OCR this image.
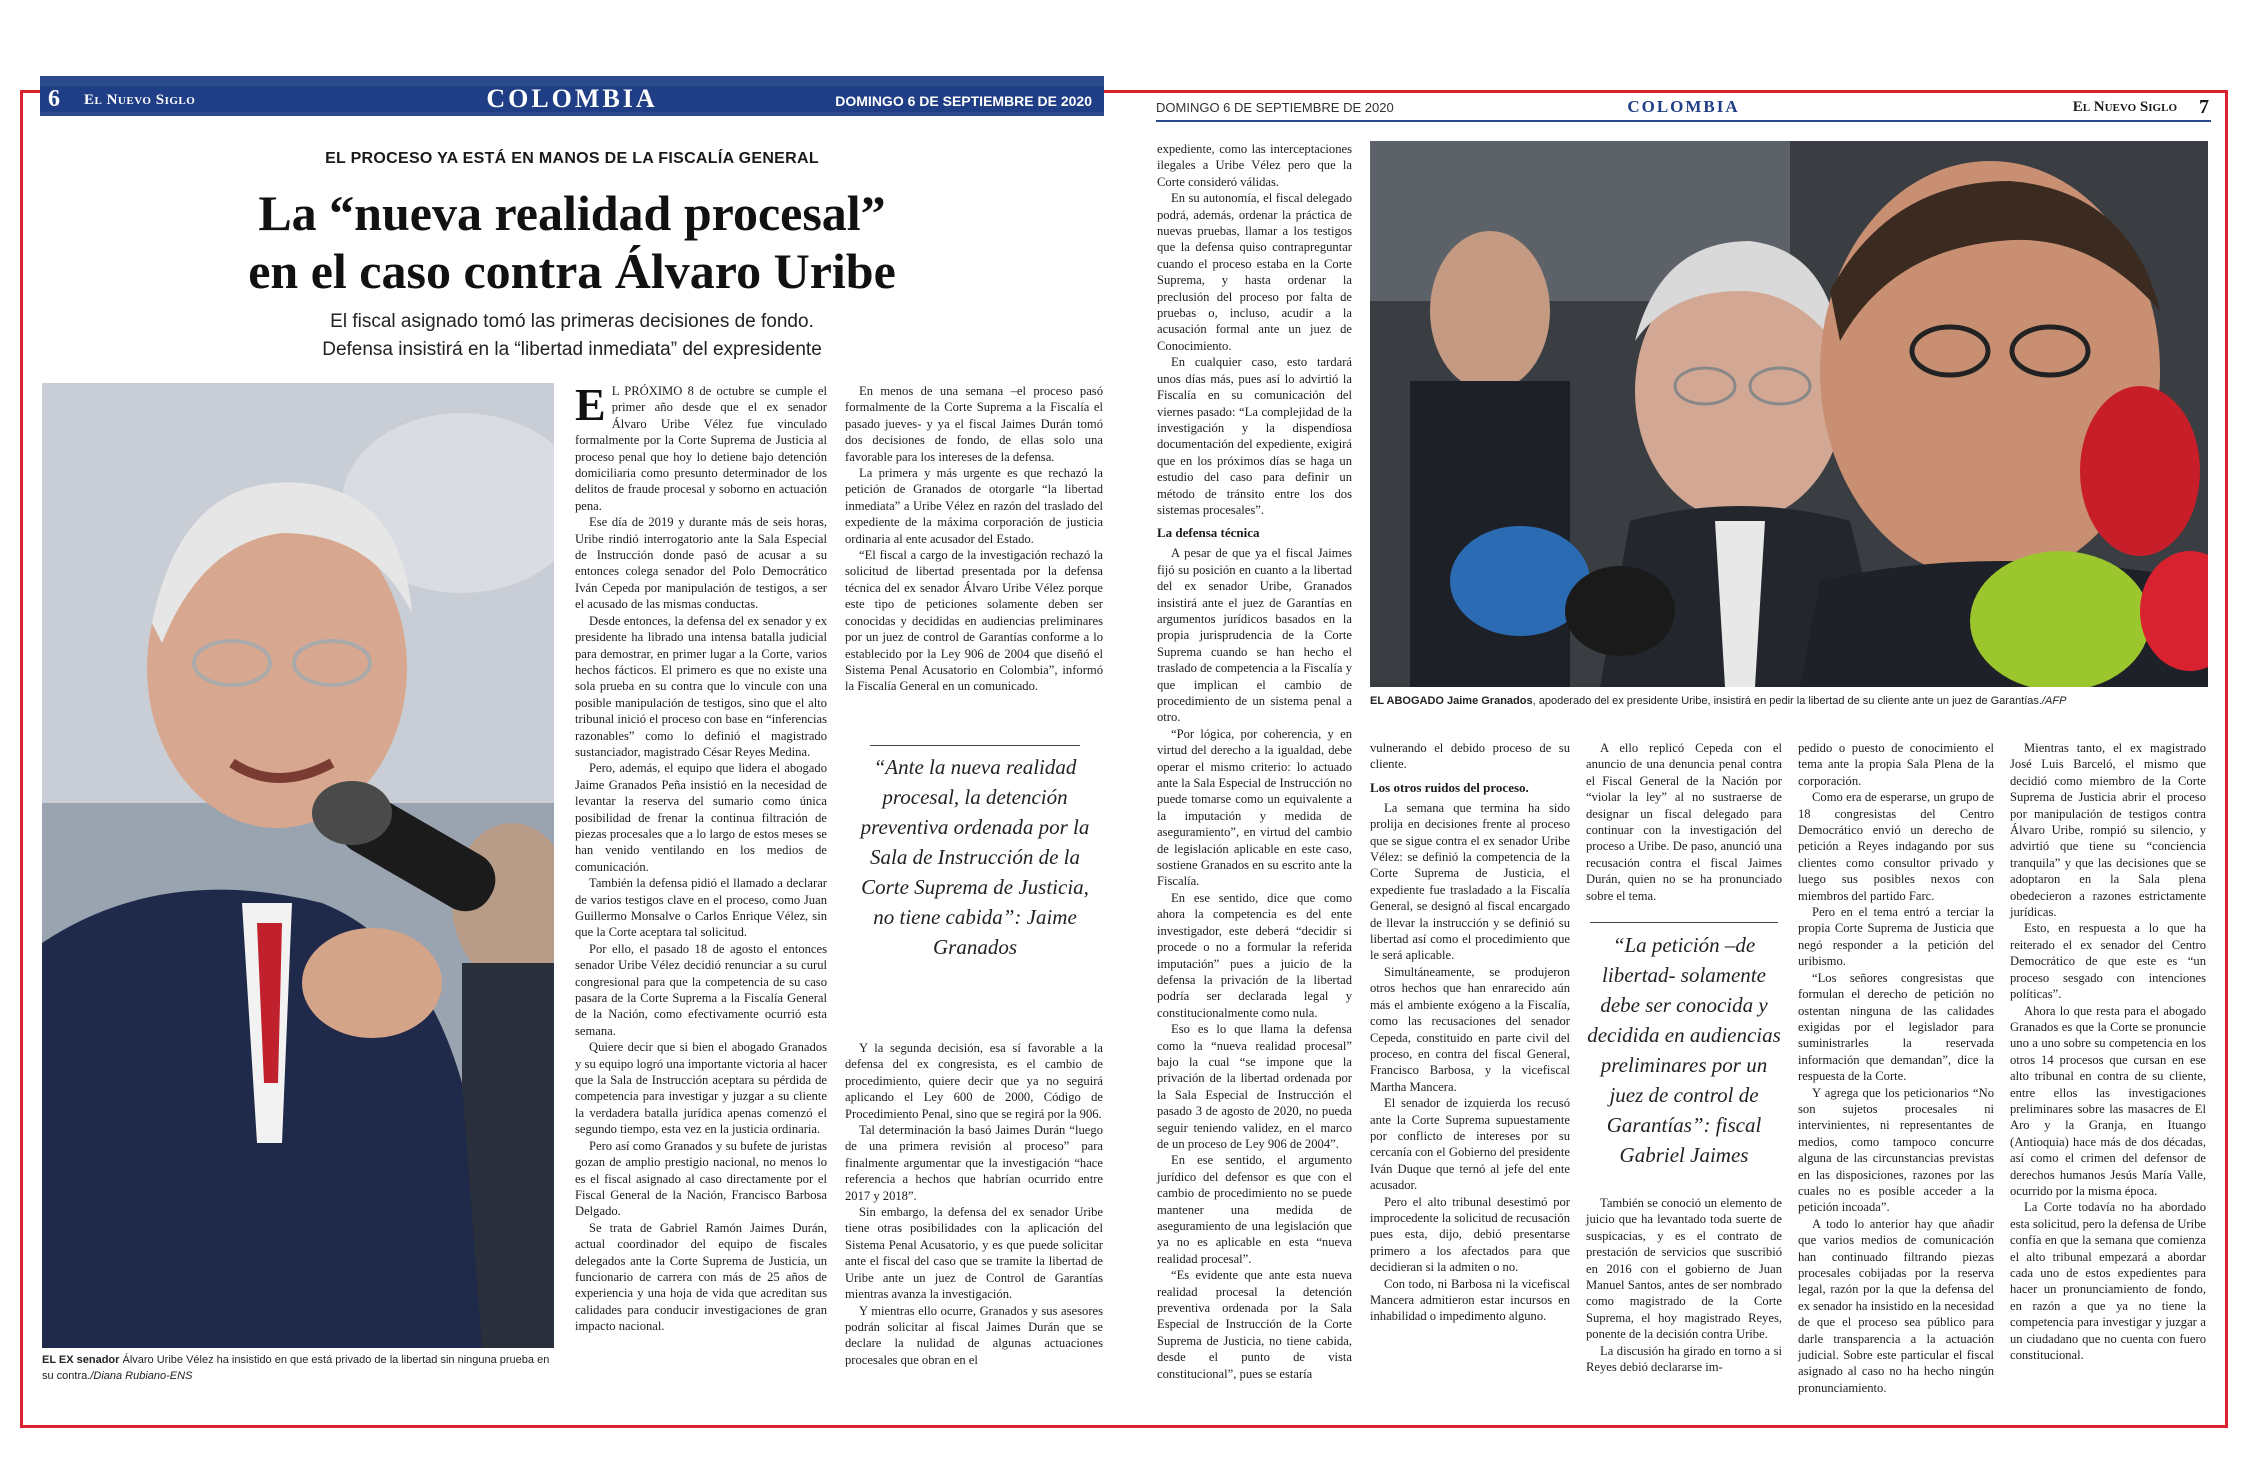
6 El Nuevo Siglo	COLOMBIA	DOMINGO 6 DE SEPTIEMBRE DE 2020	DOMINGO 6 DE SEPTIEMBRE DE 2020	COLOMBIA	El Nuevo Siglo 7
EL PROCESO YA ESTÁ EN MANOS DE LA FISCALÍA GENERAL
La “nueva realidad procesal”
en el caso contra Álvaro Uribe
El fiscal asignado tomó las primeras decisiones de fondo.
Defensa insistirá en la “libertad inmediata” del expresidente
EL EX senador Álvaro Uribe Vélez ha insistido en que está privado de la libertad sin ninguna prueba en su contra./Diana Rubiano-ENS

E L PRÓXIMO 8 de octubre se cumple el primer año desde que el ex senador Álvaro Uribe Vélez fue vinculado formalmente por la Corte Suprema de Justicia al proceso penal que hoy lo detiene bajo detención domiciliaria como presunto determinador de los delitos de fraude procesal y soborno en actuación pena.

Ese día de 2019 y durante más de seis horas, Uribe rindió interrogatorio ante la Sala Especial de Instrucción donde pasó de acusar a su entonces colega senador del Polo Democrático Iván Cepeda por manipulación de testigos, a ser el acusado de las mismas conductas.

Desde entonces, la defensa del ex senador y ex presidente ha librado una intensa batalla judicial para demostrar, en primer lugar a la Corte, varios hechos fácticos. El primero es que no existe una sola prueba en su contra que lo vincule con una posible manipulación de testigos, sino que el alto tribunal inició el proceso con base en “inferencias razonables” como lo definió el magistrado sustanciador, magistrado César Reyes Medina.

Pero, además, el equipo que lidera el abogado Jaime Granados Peña insistió en la necesidad de levantar la reserva del sumario como única posibilidad de frenar la continua filtración de piezas procesales que a lo largo de estos meses se han venido ventilando en los medios de comunicación.

También la defensa pidió el llamado a declarar de varios testigos clave en el proceso, como Juan Guillermo Monsalve o Carlos Enrique Vélez, sin que la Corte aceptara tal solicitud.

Por ello, el pasado 18 de agosto el entonces senador Uribe Vélez decidió renunciar a su curul congresional para que la competencia de su caso pasara de la Corte Suprema a la Fiscalía General de la Nación, como efectivamente ocurrió esta semana.

Quiere decir que si bien el abogado Granados y su equipo logró una importante victoria al hacer que la Sala de Instrucción aceptara su pérdida de competencia para investigar y juzgar a su cliente la verdadera batalla jurídica apenas comenzó el segundo tiempo, esta vez en la justicia ordinaria.

Pero así como Granados y su bufete de juristas gozan de amplio prestigio nacional, no menos lo es el fiscal asignado al caso directamente por el Fiscal General de la Nación, Francisco Barbosa Delgado.

Se trata de Gabriel Ramón Jaimes Durán, actual coordinador del equipo de fiscales delegados ante la Corte Suprema de Justicia, un funcionario de carrera con más de 25 años de experiencia y una hoja de vida que acreditan sus calidades para conducir investigaciones de gran impacto nacional.

En menos de una semana –el proceso pasó formalmente de la Corte Suprema a la Fiscalía el pasado jueves- y ya el fiscal Jaimes Durán tomó dos decisiones de fondo, de ellas solo una favorable para los intereses de la defensa.

La primera y más urgente es que rechazó la petición de Granados de otorgarle “la libertad inmediata” a Uribe Vélez en razón del traslado del expediente de la máxima corporación de justicia ordinaria al ente acusador del Estado.

“El fiscal a cargo de la investigación rechazó la solicitud de libertad presentada por la defensa técnica del ex senador Álvaro Uribe Vélez porque este tipo de peticiones solamente deben ser conocidas y decididas en audiencias preliminares por un juez de control de Garantías conforme a lo establecido por la Ley 906 de 2004 que diseñó el Sistema Penal Acusatorio en Colombia”, informó la Fiscalía General en un comunicado.

“Ante la nueva realidad procesal, la detención preventiva ordenada por la Sala de Instrucción de la Corte Suprema de Justicia, no tiene cabida”: Jaime Granados

Y la segunda decisión, esa sí favorable a la defensa del ex congresista, es el cambio de procedimiento, quiere decir que ya no seguirá aplicando el Ley 600 de 2000, Código de Procedimiento Penal, sino que se regirá por la 906.

Tal determinación la basó Jaimes Durán “luego de una primera revisión al proceso” para finalmente argumentar que la investigación “hace referencia a hechos que habrían ocurrido entre 2017 y 2018”.

Sin embargo, la defensa del ex senador Uribe tiene otras posibilidades con la aplicación del Sistema Penal Acusatorio, y es que puede solicitar ante el fiscal del caso que se tramite la libertad de Uribe ante un juez de Control de Garantías mientras avanza la investigación.

Y mientras ello ocurre, Granados y sus asesores podrán solicitar al fiscal Jaimes Durán que se declare la nulidad de algunas actuaciones procesales que obran en el

expediente, como las interceptaciones ilegales a Uribe Vélez pero que la Corte consideró válidas.

En su autonomía, el fiscal delegado podrá, además, ordenar la práctica de nuevas pruebas, llamar a los testigos que la defensa quiso contrapreguntar cuando el proceso estaba en la Corte Suprema, y hasta ordenar la preclusión del proceso por falta de pruebas o, incluso, acudir a la acusación formal ante un juez de Conocimiento.

En cualquier caso, esto tardará unos días más, pues así lo advirtió la Fiscalía en su comunicación del viernes pasado: “La complejidad de la investigación y la dispendiosa documentación del expediente, exigirá que en los próximos días se haga un estudio del caso para definir un método de tránsito entre los dos sistemas procesales”.

La defensa técnica

A pesar de que ya el fiscal Jaimes fijó su posición en cuanto a la libertad del ex senador Uribe, Granados insistirá ante el juez de Garantías en argumentos jurídicos basados en la propia jurisprudencia de la Corte Suprema cuando se han hecho el traslado de competencia a la Fiscalía y que implican el cambio de procedimiento de un sistema penal a otro.

“Por lógica, por coherencia, y en virtud del derecho a la igualdad, debe operar el mismo criterio: lo actuado ante la Sala Especial de Instrucción no puede tomarse como un equivalente a la imputación y medida de aseguramiento”, en virtud del cambio de legislación aplicable en este caso, sostiene Granados en su escrito ante la Fiscalía.

En ese sentido, dice que como ahora la competencia es del ente investigador, este deberá “decidir si procede o no a formular la referida imputación” pues a juicio de la defensa la privación de la libertad podría ser declarada legal y constitucionalmente como nula.

Eso es lo que llama la defensa como la “nueva realidad procesal” bajo la cual “se impone que la privación de la libertad ordenada por la Sala Especial de Instrucción el pasado 3 de agosto de 2020, no pueda seguir teniendo validez, en el marco de un proceso de Ley 906 de 2004”.

En ese sentido, el argumento jurídico del defensor es que con el cambio de procedimiento no se puede mantener una medida de aseguramiento de una legislación que ya no es aplicable en esta “nueva realidad procesal”.

“Es evidente que ante esta nueva realidad procesal la detención preventiva ordenada por la Sala Especial de Instrucción de la Corte Suprema de Justicia, no tiene cabida, desde el punto de vista constitucional”, pues se estaría

EL ABOGADO Jaime Granados, apoderado del ex presidente Uribe, insistirá en pedir la libertad de su cliente ante un juez de Garantías./AFP

vulnerando el debido proceso de su cliente.

Los otros ruidos del proceso.

La semana que termina ha sido prolija en decisiones frente al proceso que se sigue contra el ex senador Uribe Vélez: se definió la competencia de la Corte Suprema de Justicia, el expediente fue trasladado a la Fiscalía General, se designó al fiscal encargado de llevar la instrucción y se definió su libertad así como el procedimiento que le será aplicable.

Simultáneamente, se produjeron otros hechos que han enrarecido aún más el ambiente exógeno a la Fiscalía, como las recusaciones del senador Cepeda, constituido en parte civil del proceso, en contra del fiscal General, Francisco Barbosa, y la vicefiscal Martha Mancera.

El senador de izquierda los recusó ante la Corte Suprema supuestamente por conflicto de intereses por su cercanía con el Gobierno del presidente Iván Duque que ternó al jefe del ente acusador.

Pero el alto tribunal desestimó por improcedente la solicitud de recusación pues esta, dijo, debió presentarse primero a los afectados para que decidieran si la admiten o no.

Con todo, ni Barbosa ni la vicefiscal Mancera admitieron estar incursos en inhabilidad o impedimento alguno.

A ello replicó Cepeda con el anuncio de una denuncia penal contra el Fiscal General de la Nación por “violar la ley” al no sustraerse de designar un fiscal delegado para continuar con la investigación del proceso a Uribe. De paso, anunció una recusación contra el fiscal Jaimes Durán, quien no se ha pronunciado sobre el tema.

“La petición –de libertad- solamente debe ser conocida y decidida en audiencias preliminares por un juez de control de Garantías”: fiscal Gabriel Jaimes

También se conoció un elemento de juicio que ha levantado toda suerte de suspicacias, y es el contrato de prestación de servicios que suscribió en 2016 con el gobierno de Juan Manuel Santos, antes de ser nombrado como magistrado de la Corte Suprema, el hoy magistrado Reyes, ponente de la decisión contra Uribe.

La discusión ha girado en torno a si Reyes debió declararse im-

pedido o puesto de conocimiento el tema ante la propia Sala Plena de la corporación.

Como era de esperarse, un grupo de 18 congresistas del Centro Democrático envió un derecho de petición a Reyes indagando por sus clientes como consultor privado y luego sus posibles nexos con miembros del partido Farc.

Pero en el tema entró a terciar la propia Corte Suprema de Justicia que negó responder a la petición del uribismo.

“Los señores congresistas que formulan el derecho de petición no ostentan ninguna de las calidades exigidas por el legislador para suministrarles la reservada información que demandan”, dice la respuesta de la Corte.

Y agrega que los peticionarios “No son sujetos procesales ni intervinientes, ni representantes de medios, como tampoco concurre alguna de las circunstancias previstas en las disposiciones, razones por las cuales no es posible acceder a la petición incoada”.

A todo lo anterior hay que añadir que varios medios de comunicación han continuado filtrando piezas procesales cobijadas por la reserva legal, razón por la que la defensa del ex senador ha insistido en la necesidad de que el proceso sea público para darle transparencia a la actuación judicial. Sobre este particular el fiscal asignado al caso no ha hecho ningún pronunciamiento.

Mientras tanto, el ex magistrado José Luis Barceló, el mismo que decidió como miembro de la Corte Suprema de Justicia abrir el proceso por manipulación de testigos contra Álvaro Uribe, rompió su silencio, y advirtió que tiene su “conciencia tranquila” y que las decisiones que se adoptaron en la Sala plena obedecieron a razones estrictamente jurídicas.

Esto, en respuesta a lo que ha reiterado el ex senador del Centro Democrático de que este es “un proceso sesgado con intenciones políticas”.

Ahora lo que resta para el abogado Granados es que la Corte se pronuncie uno a uno sobre su competencia en los otros 14 procesos que cursan en ese alto tribunal en contra de su cliente, entre ellos las investigaciones preliminares sobre las masacres de El Aro y la Granja, en Ituango (Antioquia) hace más de dos décadas, así como el crimen del defensor de derechos humanos Jesús María Valle, ocurrido por la misma época.

La Corte todavía no ha abordado esta solicitud, pero la defensa de Uribe confía en que la semana que comienza el alto tribunal empezará a abordar cada uno de estos expedientes para hacer un pronunciamiento de fondo, en razón a que ya no tiene la competencia para investigar y juzgar a un ciudadano que no cuenta con fuero constitucional.
